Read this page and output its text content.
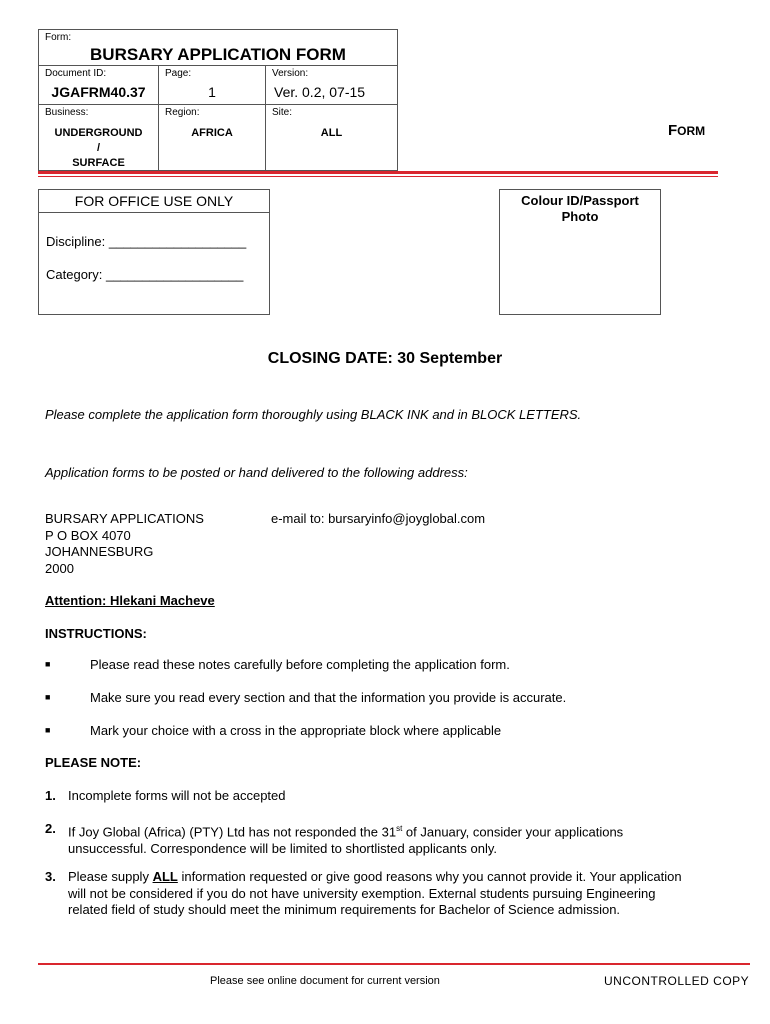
Form:
BURSARY APPLICATION FORM
Document ID:
JGAFRM40.37
Page:
1
Version:
Ver. 0.2, 07-15
Business:
UNDERGROUND
/
SURFACE
Region:
AFRICA
Site:
ALL	FORM
FOR OFFICE USE ONLY
Discipline: ___________________
Category: ___________________
Colour ID/Passport
Photo
CLOSING DATE: 30 September
Please complete the application form thoroughly using BLACK INK and in BLOCK LETTERS.
Application forms to be posted or hand delivered to the following address:
BURSARY APPLICATIONS
P O BOX 4070
JOHANNESBURG
2000
e-mail to: bursaryinfo@joyglobal.com
Attention: Hlekani Macheve
INSTRUCTIONS:
■	Please read these notes carefully before completing the application form.
■	Make sure you read every section and that the information you provide is accurate.
■	Mark your choice with a cross in the appropriate block where applicable
PLEASE NOTE:
1. Incomplete forms will not be accepted
2. If Joy Global (Africa) (PTY) Ltd has not responded the 31st of January, consider your applications
unsuccessful. Correspondence will be limited to shortlisted applicants only.
3. Please supply ALL information requested or give good reasons why you cannot provide it. Your application
will not be considered if you do not have university exemption. External students pursuing Engineering
related field of study should meet the minimum requirements for Bachelor of Science admission.
Please see online document for current version	UNCONTROLLED COPY
